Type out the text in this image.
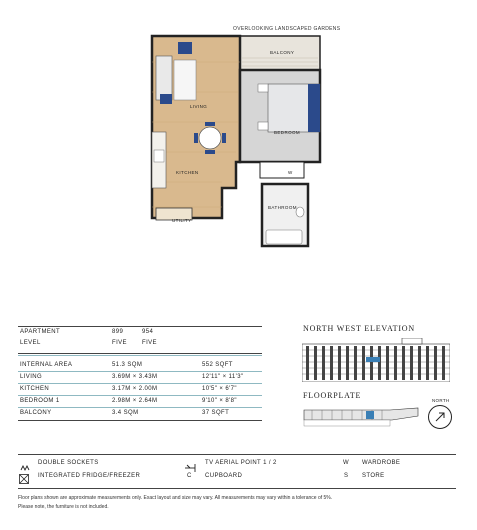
OVERLOOKING LANDSCAPED GARDENS
BALCONY
LIVING
BEDROOM
KITCHEN
UTILITY
BATHROOM
W
APARTMENT	899	954
LEVEL	FIVE	FIVE
INTERNAL AREA	51.3 SQM	552 SQFT
LIVING	3.69M × 3.43M	12'11" × 11'3"
KITCHEN	3.17M × 2.00M	10'5" × 6'7"
BEDROOM 1	2.98M × 2.64M	9'10" × 8'8"
BALCONY	3.4 SQM	37 SQFT
NORTH WEST ELEVATION
FLOORPLATE
NORTH
DOUBLE SOCKETS
INTEGRATED FRIDGE/FREEZER
TV AERIAL POINT 1 / 2
C CUPBOARD
W WARDROBE
S STORE
Floor plans shown are approximate measurements only. Exact layout and size may vary. All measurements may vary within a tolerance of 5%.
Please note, the furniture is not included.
